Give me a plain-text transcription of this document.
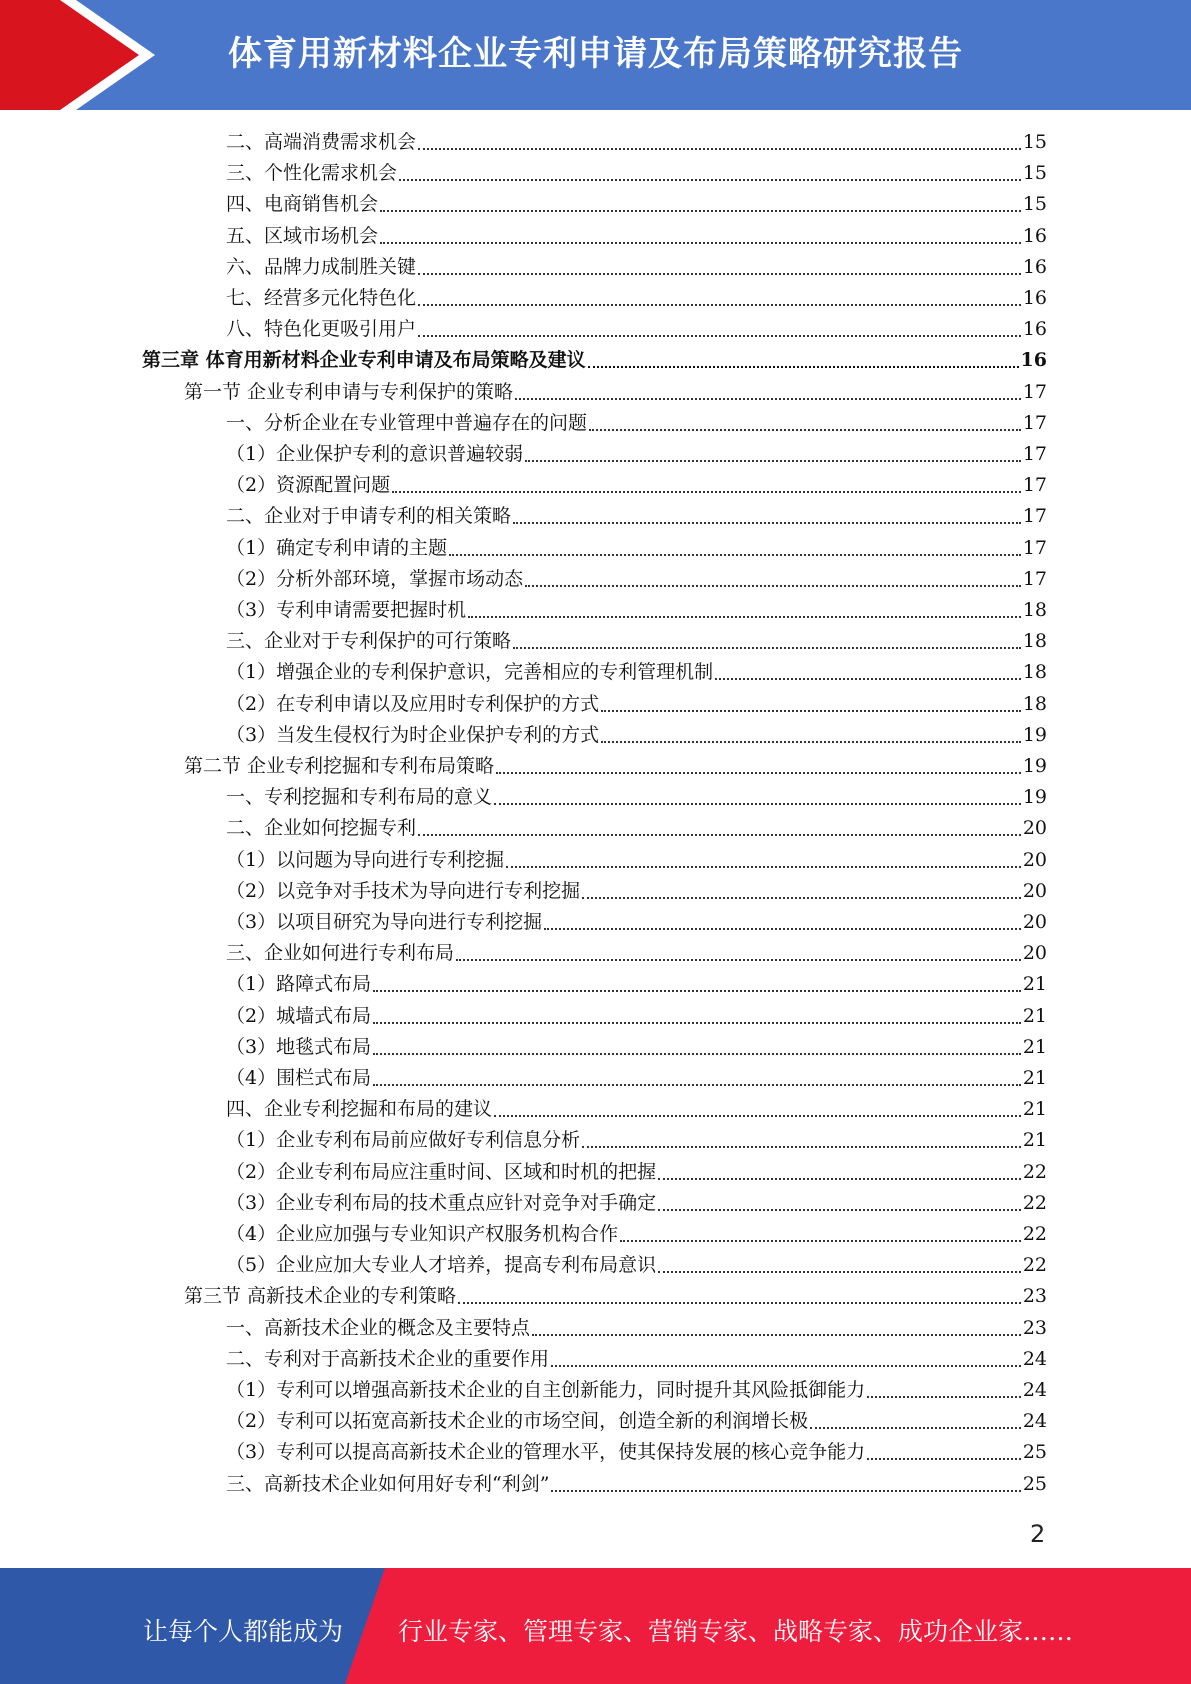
体育用新材料企业专利申请及布局策略研究报告
二、高端消费需求机会	15
三、个性化需求机会	15
四、电商销售机会	15
五、区域市场机会	16
六、品牌力成制胜关键	16
七、经营多元化特色化	16
八、特色化更吸引用户	16
第三章 体育用新材料企业专利申请及布局策略及建议	16
第一节 企业专利申请与专利保护的策略	17
一、分析企业在专业管理中普遍存在的问题	17
（1）企业保护专利的意识普遍较弱	17
（2）资源配置问题	17
二、企业对于申请专利的相关策略	17
（1）确定专利申请的主题	17
（2）分析外部环境，掌握市场动态	17
（3）专利申请需要把握时机	18
三、企业对于专利保护的可行策略	18
（1）增强企业的专利保护意识，完善相应的专利管理机制	18
（2）在专利申请以及应用时专利保护的方式	18
（3）当发生侵权行为时企业保护专利的方式	19
第二节 企业专利挖掘和专利布局策略	19
一、专利挖掘和专利布局的意义	19
二、企业如何挖掘专利	20
（1）以问题为导向进行专利挖掘	20
（2）以竞争对手技术为导向进行专利挖掘	20
（3）以项目研究为导向进行专利挖掘	20
三、企业如何进行专利布局	20
（1）路障式布局	21
（2）城墙式布局	21
（3）地毯式布局	21
（4）围栏式布局	21
四、企业专利挖掘和布局的建议	21
（1）企业专利布局前应做好专利信息分析	21
（2）企业专利布局应注重时间、区域和时机的把握	22
（3）企业专利布局的技术重点应针对竞争对手确定	22
（4）企业应加强与专业知识产权服务机构合作	22
（5）企业应加大专业人才培养，提高专利布局意识	22
第三节 高新技术企业的专利策略	23
一、高新技术企业的概念及主要特点	23
二、专利对于高新技术企业的重要作用	24
（1）专利可以增强高新技术企业的自主创新能力，同时提升其风险抵御能力	24
（2）专利可以拓宽高新技术企业的市场空间，创造全新的利润增长极	24
（3）专利可以提高高新技术企业的管理水平，使其保持发展的核心竞争能力	25
三、高新技术企业如何用好专利“利剑”	25
2
让每个人都能成为 行业专家、管理专家、营销专家、战略专家、成功企业家……
